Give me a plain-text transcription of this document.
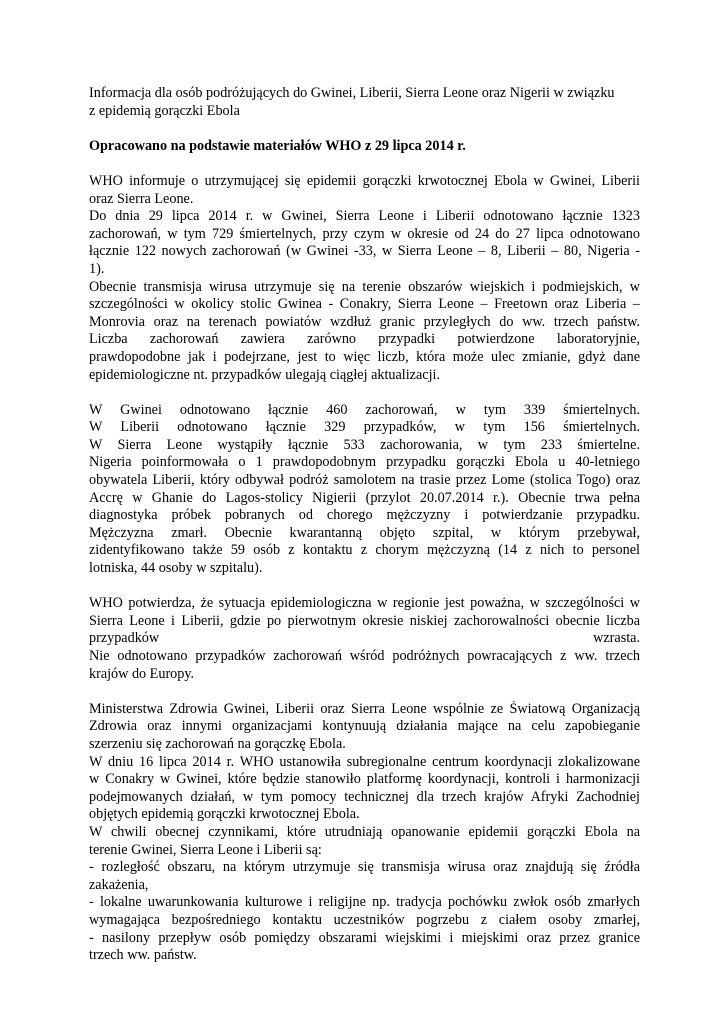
Informacja dla osób podróżujących do Gwinei, Liberii, Sierra Leone oraz Nigerii w związku
z epidemią gorączki Ebola
Opracowano na podstawie materiałów WHO z 29 lipca 2014 r.
WHO informuje o utrzymującej się epidemii gorączki krwotocznej Ebola w Gwinei, Liberii
oraz Sierra Leone.
Do dnia 29 lipca 2014 r. w Gwinei, Sierra Leone i Liberii odnotowano łącznie 1323
zachorowań, w tym 729 śmiertelnych, przy czym w okresie od 24 do 27 lipca odnotowano
łącznie 122 nowych zachorowań (w Gwinei -33, w Sierra Leone – 8, Liberii – 80, Nigeria -
1).
Obecnie transmisja wirusa utrzymuje się na terenie obszarów wiejskich i podmiejskich, w
szczególności w okolicy stolic Gwinea - Conakry, Sierra Leone – Freetown oraz Liberia –
Monrovia oraz na terenach powiatów wzdłuż granic przyległych do ww. trzech państw.
Liczba zachorowań zawiera zarówno przypadki potwierdzone laboratoryjnie,
prawdopodobne jak i podejrzane, jest to więc liczb, która może ulec zmianie, gdyż dane
epidemiologiczne nt. przypadków ulegają ciągłej aktualizacji.
W Gwinei odnotowano łącznie 460 zachorowań, w tym 339 śmiertelnych.
W Liberii odnotowano łącznie 329 przypadków, w tym 156 śmiertelnych.
W Sierra Leone wystąpiły łącznie 533 zachorowania, w tym 233 śmiertelne.
Nigeria poinformowała o 1 prawdopodobnym przypadku gorączki Ebola u 40-letniego
obywatela Liberii, który odbywał podróż samolotem na trasie przez Lome (stolica Togo) oraz
Accrę w Ghanie do Lagos-stolicy Nigierii (przylot 20.07.2014 r.). Obecnie trwa pełna
diagnostyka próbek pobranych od chorego mężczyzny i potwierdzanie przypadku.
Mężczyzna zmarł. Obecnie kwarantanną objęto szpital, w którym przebywał,
zidentyfikowano także 59 osób z kontaktu z chorym mężczyzną (14 z nich to personel
lotniska, 44 osoby w szpitalu).
WHO potwierdza, że sytuacja epidemiologiczna w regionie jest poważna, w szczególności w
Sierra Leone i Liberii, gdzie po pierwotnym okresie niskiej zachorowalności obecnie liczba
przypadków wzrasta.
Nie odnotowano przypadków zachorowań wśród podróżnych powracających z ww. trzech
krajów do Europy.
Ministerstwa Zdrowia Gwinei, Liberii oraz Sierra Leone wspólnie ze Światową Organizacją
Zdrowia oraz innymi organizacjami kontynuują działania mające na celu zapobieganie
szerzeniu się zachorowań na gorączkę Ebola.
W dniu 16 lipca 2014 r. WHO ustanowiła subregionalne centrum koordynacji zlokalizowane
w Conakry w Gwinei, które będzie stanowiło platformę koordynacji, kontroli i harmonizacji
podejmowanych działań, w tym pomocy technicznej dla trzech krajów Afryki Zachodniej
objętych epidemią gorączki krwotocznej Ebola.
W chwili obecnej czynnikami, które utrudniają opanowanie epidemii gorączki Ebola na
terenie Gwinei, Sierra Leone i Liberii są:
- rozległość obszaru, na którym utrzymuje się transmisja wirusa oraz znajdują się źródła
zakażenia,
- lokalne uwarunkowania kulturowe i religijne np. tradycja pochówku zwłok osób zmarłych
wymagająca bezpośredniego kontaktu uczestników pogrzebu z ciałem osoby zmarłej,
- nasilony przepływ osób pomiędzy obszarami wiejskimi i miejskimi oraz przez granice
trzech ww. państw.
